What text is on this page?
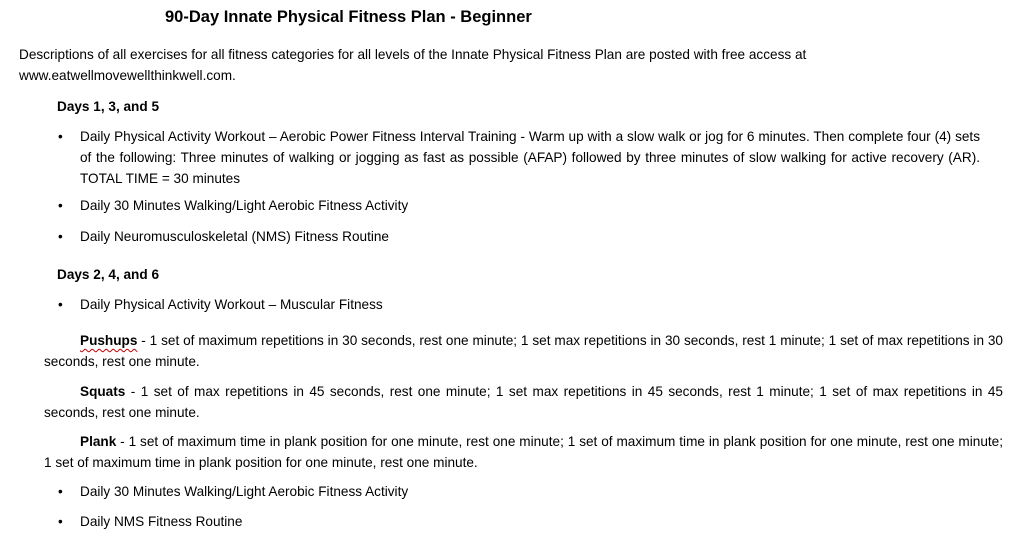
90-Day Innate Physical Fitness Plan - Beginner
Descriptions of all exercises for all fitness categories for all levels of the Innate Physical Fitness Plan are posted with free access at www.eatwellmovewellthinkwell.com.
Days 1, 3, and 5
•	Daily Physical Activity Workout – Aerobic Power Fitness Interval Training - Warm up with a slow walk or jog for 6 minutes. Then complete four (4) sets of the following: Three minutes of walking or jogging as fast as possible (AFAP) followed by three minutes of slow walking for active recovery (AR). TOTAL TIME = 30 minutes
•	Daily 30 Minutes Walking/Light Aerobic Fitness Activity
•	Daily Neuromusculoskeletal (NMS) Fitness Routine
Days 2, 4, and 6
•	Daily Physical Activity Workout – Muscular Fitness
Pushups - 1 set of maximum repetitions in 30 seconds, rest one minute; 1 set max repetitions in 30 seconds, rest 1 minute; 1 set of max repetitions in 30 seconds, rest one minute.
Squats - 1 set of max repetitions in 45 seconds, rest one minute; 1 set max repetitions in 45 seconds, rest 1 minute; 1 set of max repetitions in 45 seconds, rest one minute.
Plank - 1 set of maximum time in plank position for one minute, rest one minute; 1 set of maximum time in plank position for one minute, rest one minute; 1 set of maximum time in plank position for one minute, rest one minute.
•	Daily 30 Minutes Walking/Light Aerobic Fitness Activity
•	Daily NMS Fitness Routine
